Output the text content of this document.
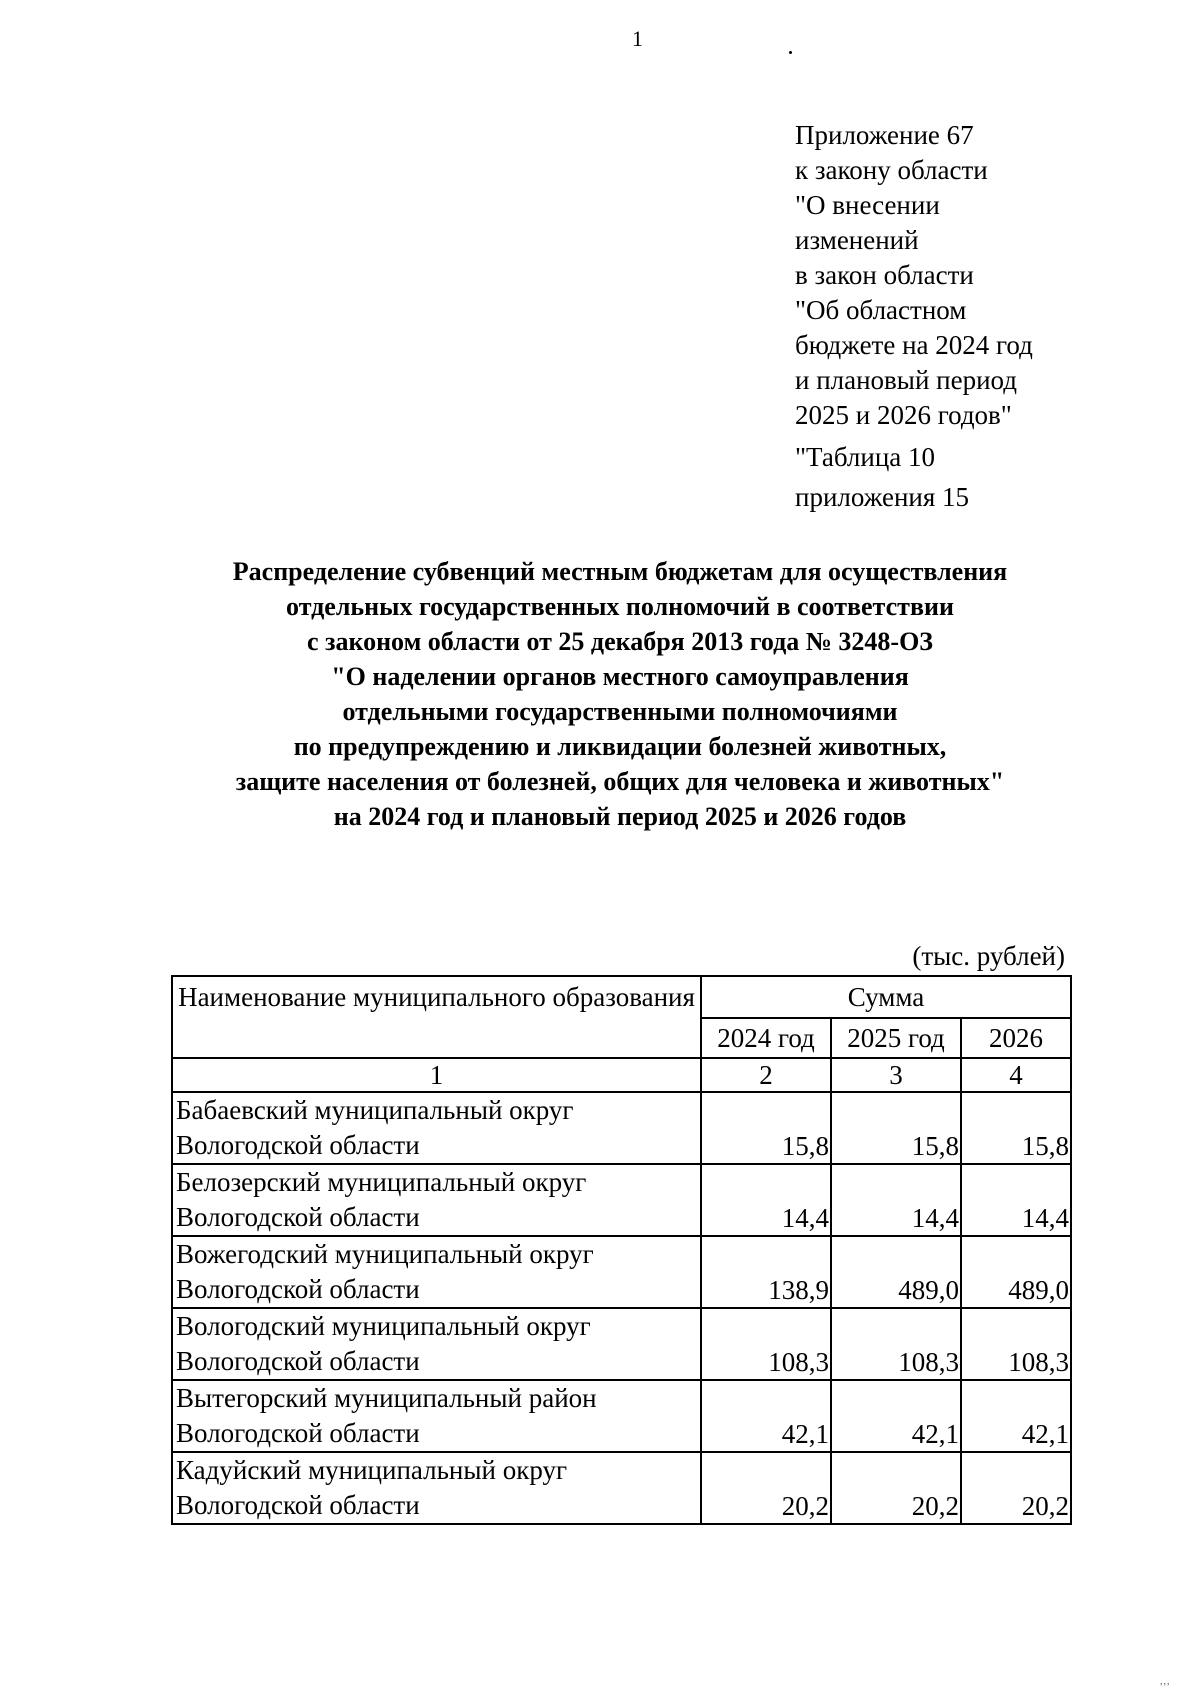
1
Приложение 67
к закону области
"О внесении
изменений
в закон области
"Об областном
бюджете на 2024 год
и плановый период
2025 и 2026 годов"
"Таблица 10
приложения 15
Распределение субвенций местным бюджетам для осуществления
отдельных государственных полномочий в соответствии
с законом области от 25 декабря 2013 года № 3248-ОЗ
"О наделении органов местного самоуправления
отдельными государственными полномочиями
по предупреждению и ликвидации болезней животных,
защите населения от болезней, общих для человека и животных"
на 2024 год и плановый период 2025 и 2026 годов
(тыс. рублей)
Наименование муниципального образования	Сумма		
	2024 год	2025 год	2026
1	2	3	4

Бабаевский муниципальный округ
Вологодской области	15,8	15,8	15,8

Белозерский муниципальный округ
Вологодской области	14,4	14,4	14,4

Вожегодский муниципальный округ
Вологодской области	138,9	489,0	489,0

Вологодский муниципальный округ
Вологодской области	108,3	108,3	108,3

Вытегорский муниципальный район
Вологодской области	42,1	42,1	42,1

Кадуйский муниципальный округ
Вологодской области	20,2	20,2	20,2
,,,
